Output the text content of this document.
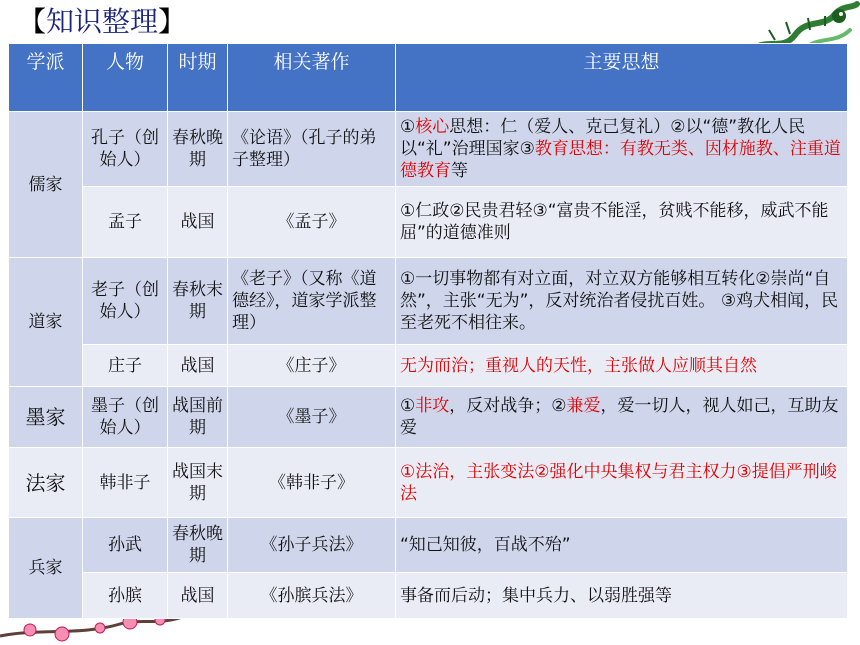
【知识整理】
学派	人物	时期	相关著作	主要思想
儒家	孔子（创始人）	春秋晚期	《论语》（孔子的弟子整理）	①核心思想：仁（爱人、克己复礼）②以“德”教化人民以“礼”治理国家③教育思想：有教无类、因材施教、注重道德教育等
	孟子	战国	《孟子》	①仁政②民贵君轻③“富贵不能淫，贫贱不能移，威武不能屈”的道德准则
道家	老子（创始人）	春秋末期	《老子》（又称《道德经》，道家学派整理）	①一切事物都有对立面，对立双方能够相互转化②崇尚“自然”，主张“无为”，反对统治者侵扰百姓。 ③鸡犬相闻，民至老死不相往来。
	庄子	战国	《庄子》	无为而治；重视人的天性，主张做人应顺其自然
墨家	墨子（创始人）	战国前期	《墨子》	①非攻，反对战争；②兼爱，爱一切人，视人如己，互助友爱
法家	韩非子	战国末期	《韩非子》	①法治，主张变法②强化中央集权与君主权力③提倡严刑峻法
兵家	孙武	春秋晚期	《孙子兵法》	“知己知彼，百战不殆”
	孙膑	战国	《孙膑兵法》	事备而后动；集中兵力、以弱胜强等
